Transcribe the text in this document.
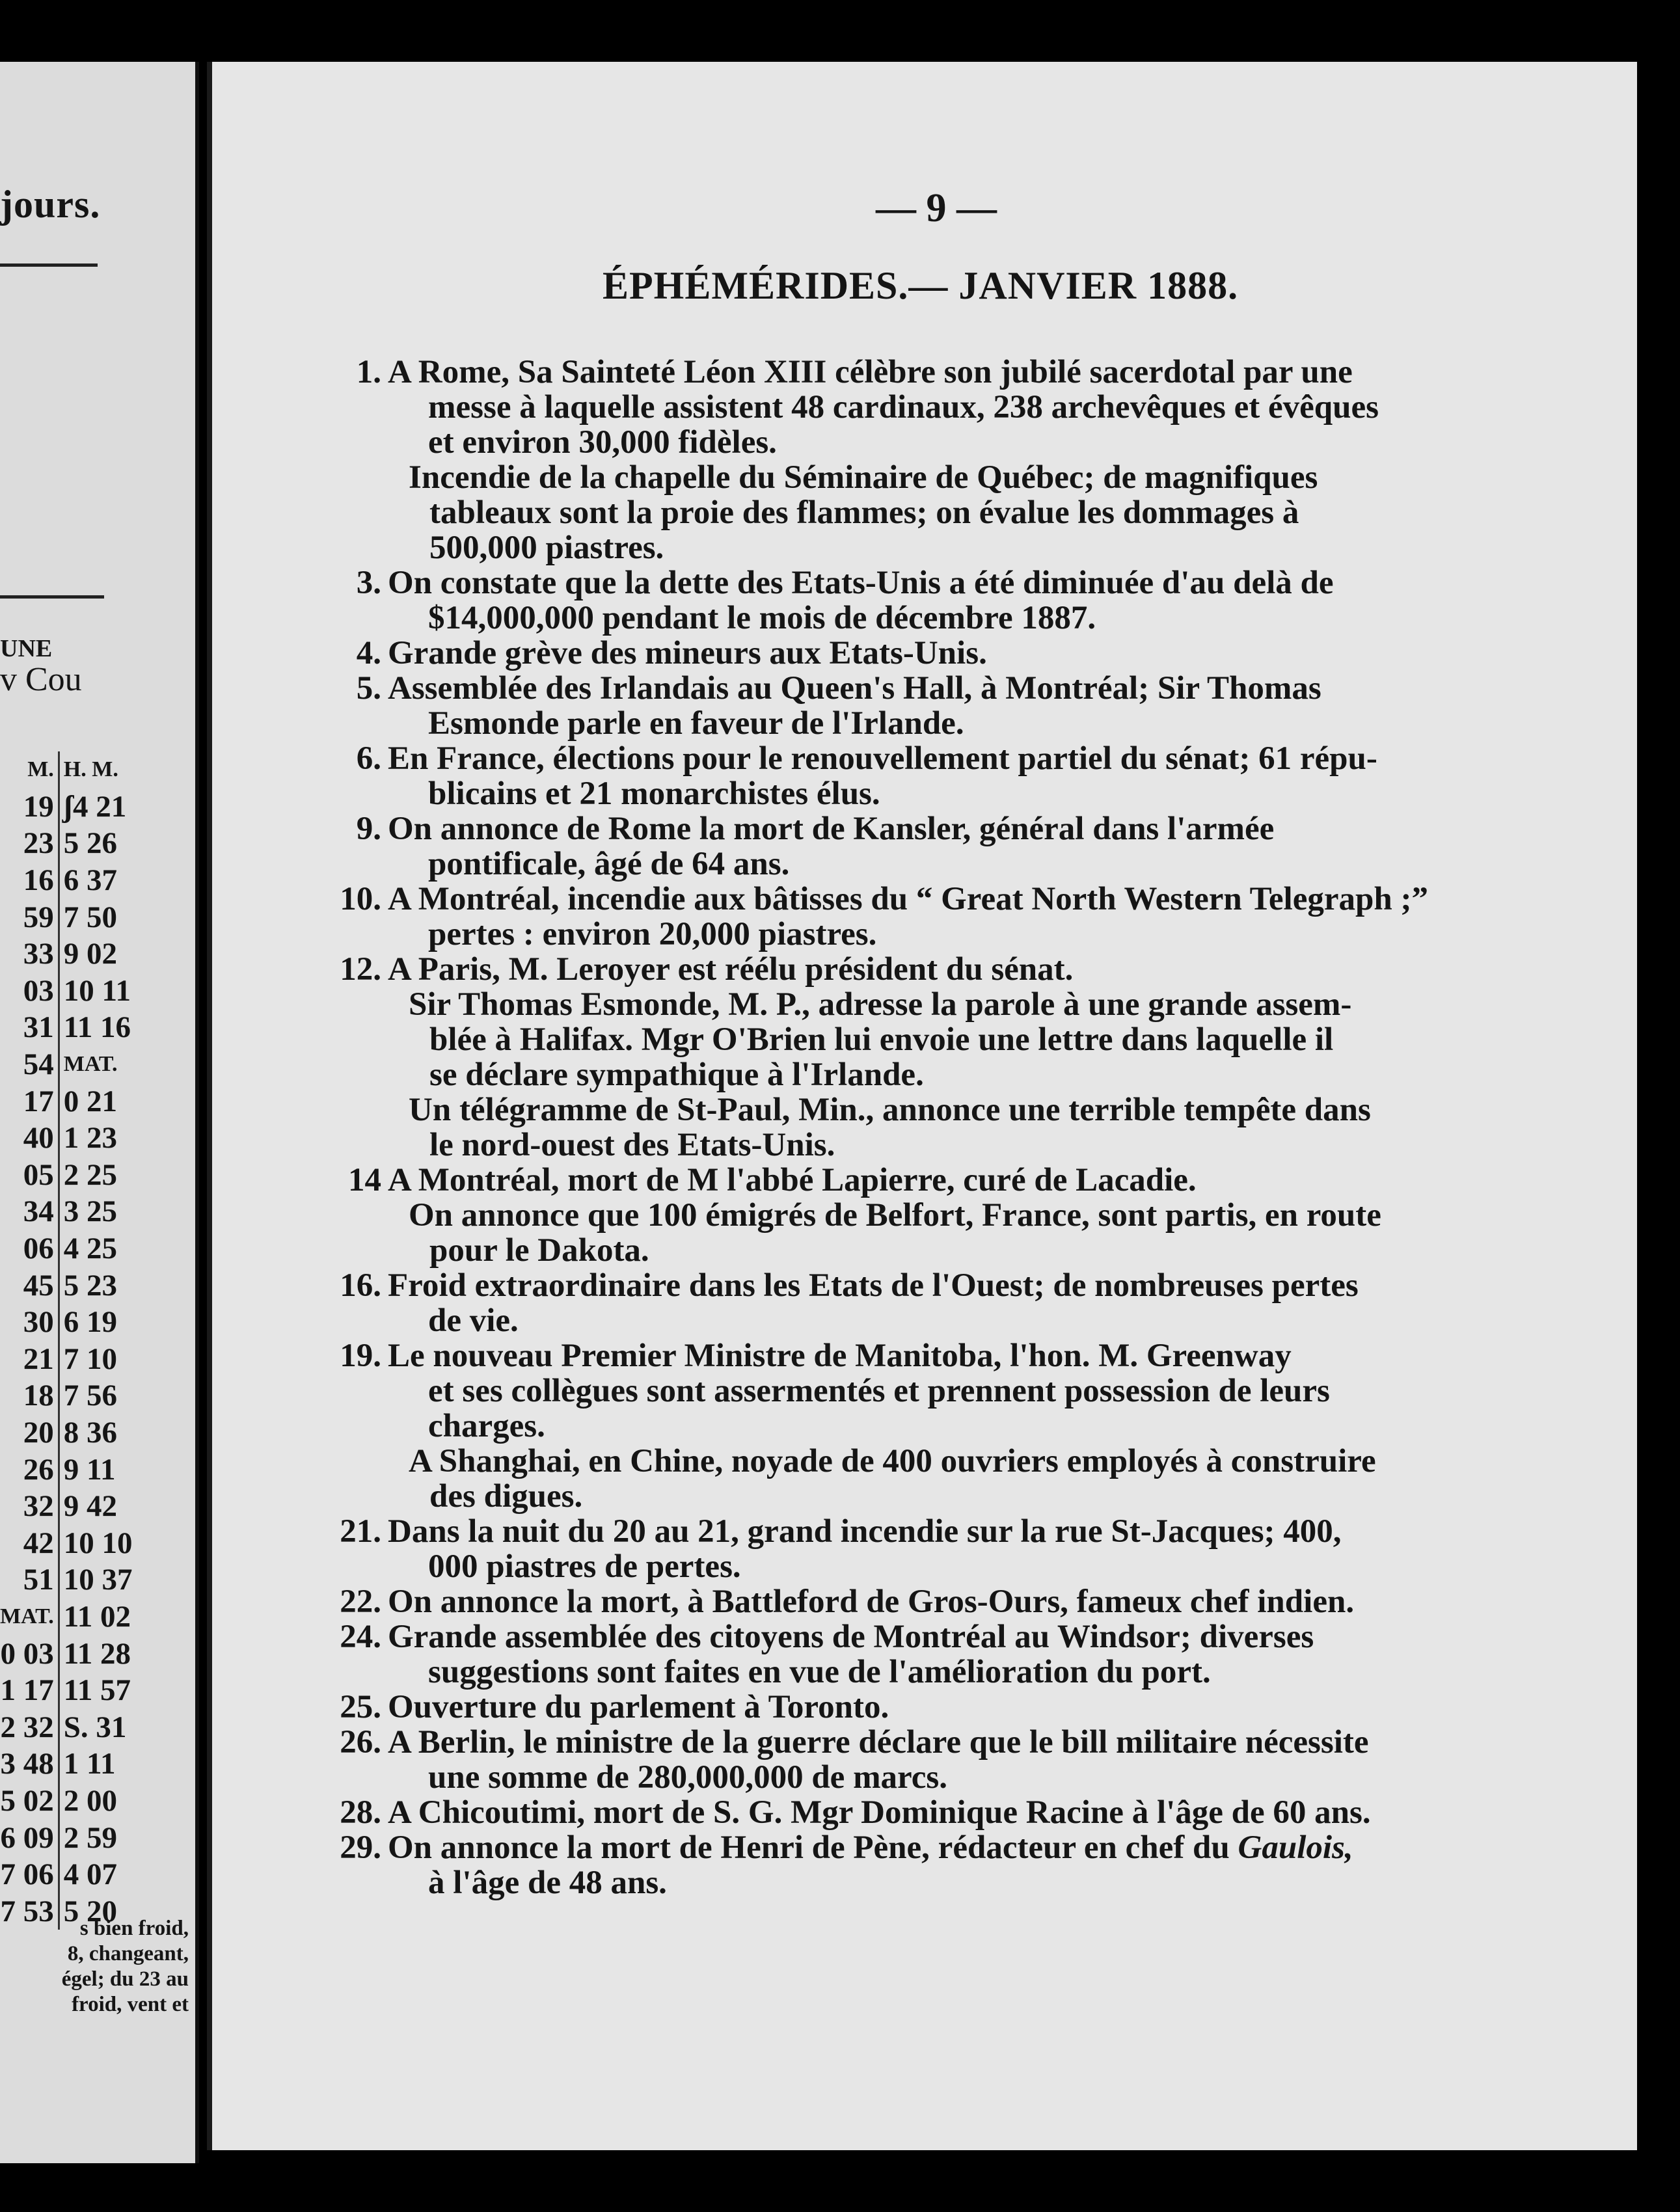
jours.
UNE
v Cou
M.	H. M.
19	ʃ4 21
23	5 26
16	6 37
59	7 50
33	9 02
03	10 11
31	11 16
54	MAT.
17	0 21
40	1 23
05	2 25
34	3 25
06	4 25
45	5 23
30	6 19
21	7 10
18	7 56
20	8 36
26	9 11
32	9 42
42	10 10
51	10 37
MAT.	11 02
0 03	11 28
1 17	11 57
2 32	S. 31
3 48	1 11
5 02	2 00
6 09	2 59
7 06	4 07
7 53	5 20
s bien froid,
8, changeant,
égel; du 23 au
froid, vent et
— 9 —
ÉPHÉMÉRIDES.— JANVIER 1888.
1. A Rome, Sa Sainteté Léon XIII célèbre son jubilé sacerdotal par une
messe à laquelle assistent 48 cardinaux, 238 archevêques et évêques
et environ 30,000 fidèles.
Incendie de la chapelle du Séminaire de Québec; de magnifiques
tableaux sont la proie des flammes; on évalue les dommages à
500,000 piastres.
3. On constate que la dette des Etats-Unis a été diminuée d'au delà de
$14,000,000 pendant le mois de décembre 1887.
4. Grande grève des mineurs aux Etats-Unis.
5. Assemblée des Irlandais au Queen's Hall, à Montréal; Sir Thomas
Esmonde parle en faveur de l'Irlande.
6. En France, élections pour le renouvellement partiel du sénat; 61 répu-
blicains et 21 monarchistes élus.
9. On annonce de Rome la mort de Kansler, général dans l'armée
pontificale, âgé de 64 ans.
10. A Montréal, incendie aux bâtisses du “ Great North Western Telegraph ;”
pertes : environ 20,000 piastres.
12. A Paris, M. Leroyer est réélu président du sénat.
Sir Thomas Esmonde, M. P., adresse la parole à une grande assem-
blée à Halifax. Mgr O'Brien lui envoie une lettre dans laquelle il
se déclare sympathique à l'Irlande.
Un télégramme de St-Paul, Min., annonce une terrible tempête dans
le nord-ouest des Etats-Unis.
14 A Montréal, mort de M l'abbé Lapierre, curé de Lacadie.
On annonce que 100 émigrés de Belfort, France, sont partis, en route
pour le Dakota.
16. Froid extraordinaire dans les Etats de l'Ouest; de nombreuses pertes
de vie.
19. Le nouveau Premier Ministre de Manitoba, l'hon. M. Greenway
et ses collègues sont assermentés et prennent possession de leurs
charges.
A Shanghai, en Chine, noyade de 400 ouvriers employés à construire
des digues.
21. Dans la nuit du 20 au 21, grand incendie sur la rue St-Jacques; 400,
000 piastres de pertes.
22. On annonce la mort, à Battleford de Gros-Ours, fameux chef indien.
24. Grande assemblée des citoyens de Montréal au Windsor; diverses
suggestions sont faites en vue de l'amélioration du port.
25. Ouverture du parlement à Toronto.
26. A Berlin, le ministre de la guerre déclare que le bill militaire nécessite
une somme de 280,000,000 de marcs.
28. A Chicoutimi, mort de S. G. Mgr Dominique Racine à l'âge de 60 ans.
29. On annonce la mort de Henri de Pène, rédacteur en chef du Gaulois,
à l'âge de 48 ans.
